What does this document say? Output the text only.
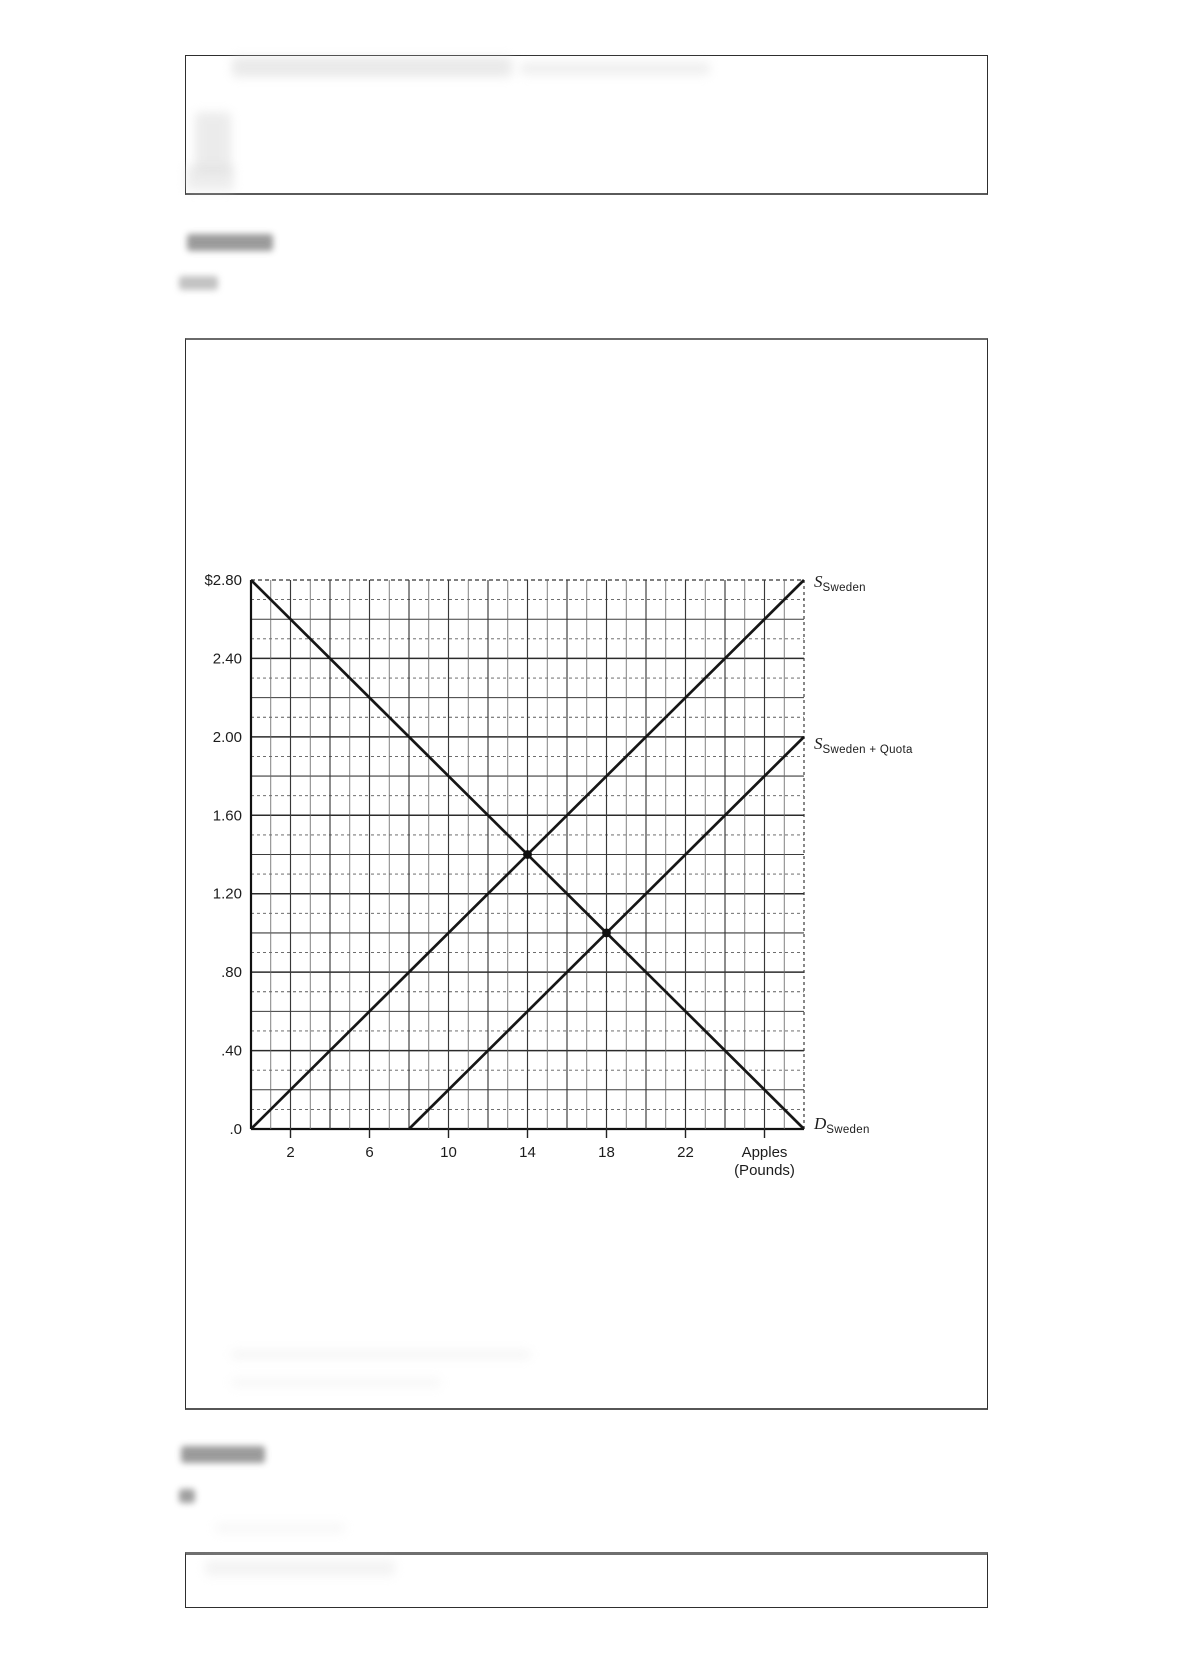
2	6	10	14	18	22	Apples
(Pounds)
$2.80
2.40
2.00
1.60
1.20
.80
.40
.0
$S_{Sweden}$
$S_{Sweden + Quota}$
$D_{Sweden}$
